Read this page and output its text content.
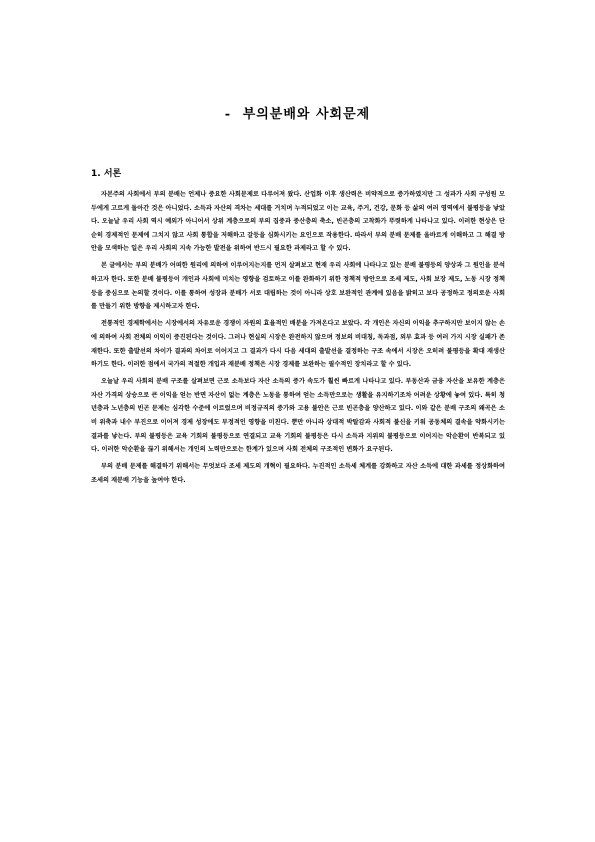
- 부의분배와 사회문제
1. 서론

자본주의 사회에서 부의 분배는 언제나 중요한 사회문제로 다루어져 왔다. 산업화 이후 생산력은 비약적으로 증가하였지만 그 성과가 사회 구성원 모두에게 고르게 돌아간 것은 아니었다. 소득과 자산의 격차는 세대를 거치며 누적되었고 이는 교육, 주거, 건강, 문화 등 삶의 여러 영역에서 불평등을 낳았다. 오늘날 우리 사회 역시 예외가 아니어서 상위 계층으로의 부의 집중과 중산층의 축소, 빈곤층의 고착화가 뚜렷하게 나타나고 있다. 이러한 현상은 단순히 경제적인 문제에 그치지 않고 사회 통합을 저해하고 갈등을 심화시키는 요인으로 작용한다. 따라서 부의 분배 문제를 올바르게 이해하고 그 해결 방안을 모색하는 일은 우리 사회의 지속 가능한 발전을 위하여 반드시 필요한 과제라고 할 수 있다.

본 글에서는 부의 분배가 어떠한 원리에 의하여 이루어지는지를 먼저 살펴보고 현재 우리 사회에 나타나고 있는 분배 불평등의 양상과 그 원인을 분석하고자 한다. 또한 분배 불평등이 개인과 사회에 미치는 영향을 검토하고 이를 완화하기 위한 정책적 방안으로 조세 제도, 사회 보장 제도, 노동 시장 정책 등을 중심으로 논의할 것이다. 이를 통하여 성장과 분배가 서로 대립하는 것이 아니라 상호 보완적인 관계에 있음을 밝히고 보다 공정하고 정의로운 사회를 만들기 위한 방향을 제시하고자 한다.

전통적인 경제학에서는 시장에서의 자유로운 경쟁이 자원의 효율적인 배분을 가져온다고 보았다. 각 개인은 자신의 이익을 추구하지만 보이지 않는 손에 의하여 사회 전체의 이익이 증진된다는 것이다. 그러나 현실의 시장은 완전하지 않으며 정보의 비대칭, 독과점, 외부 효과 등 여러 가지 시장 실패가 존재한다. 또한 출발선의 차이가 결과의 차이로 이어지고 그 결과가 다시 다음 세대의 출발선을 결정하는 구조 속에서 시장은 오히려 불평등을 확대 재생산하기도 한다. 이러한 점에서 국가의 적절한 개입과 재분배 정책은 시장 경제를 보완하는 필수적인 장치라고 할 수 있다.

오늘날 우리 사회의 분배 구조를 살펴보면 근로 소득보다 자산 소득의 증가 속도가 훨씬 빠르게 나타나고 있다. 부동산과 금융 자산을 보유한 계층은 자산 가격의 상승으로 큰 이익을 얻는 반면 자산이 없는 계층은 노동을 통하여 얻는 소득만으로는 생활을 유지하기조차 어려운 상황에 놓여 있다. 특히 청년층과 노년층의 빈곤 문제는 심각한 수준에 이르렀으며 비정규직의 증가와 고용 불안은 근로 빈곤층을 양산하고 있다. 이와 같은 분배 구조의 왜곡은 소비 위축과 내수 부진으로 이어져 경제 성장에도 부정적인 영향을 미친다. 뿐만 아니라 상대적 박탈감과 사회적 불신을 키워 공동체의 결속을 약화시키는 결과를 낳는다. 부의 불평등은 교육 기회의 불평등으로 연결되고 교육 기회의 불평등은 다시 소득과 지위의 불평등으로 이어지는 악순환이 반복되고 있다. 이러한 악순환을 끊기 위해서는 개인의 노력만으로는 한계가 있으며 사회 전체의 구조적인 변화가 요구된다.

부의 분배 문제를 해결하기 위해서는 무엇보다 조세 제도의 개혁이 필요하다. 누진적인 소득세 체계를 강화하고 자산 소득에 대한 과세를 정상화하여 조세의 재분배 기능을 높여야 한다.
